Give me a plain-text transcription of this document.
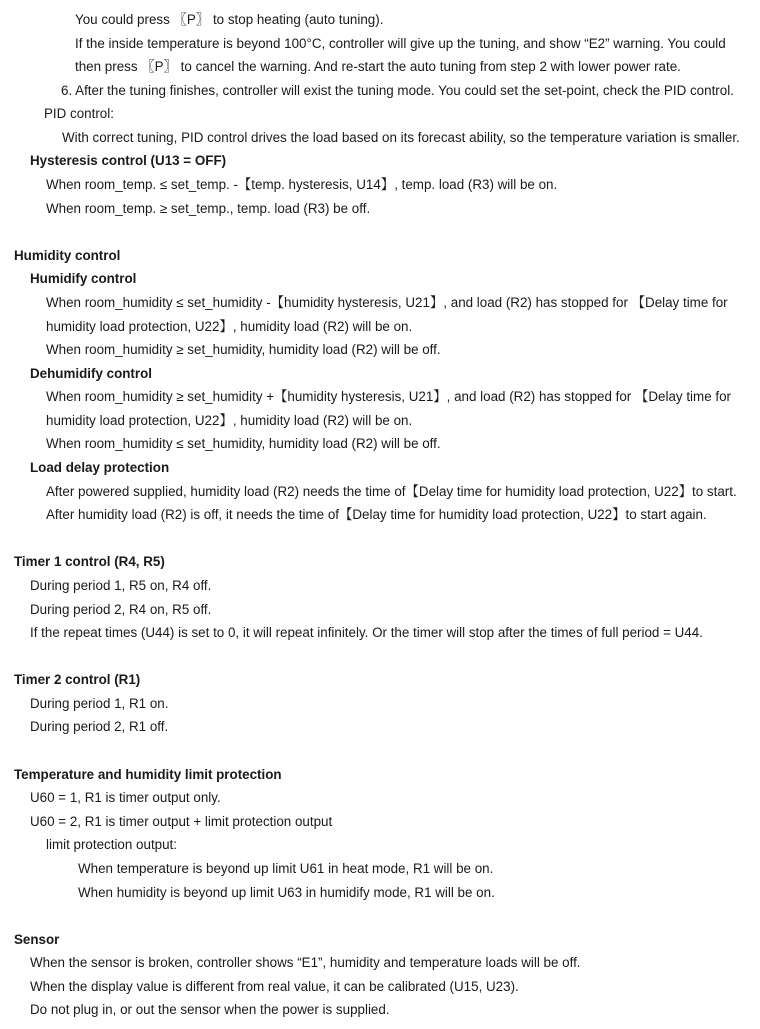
You could press 〖P〗 to stop heating (auto tuning).
If the inside temperature is beyond 100°C, controller will give up the tuning, and show “E2” warning. You could
then press 〖P〗 to cancel the warning. And re-start the auto tuning from step 2 with lower power rate.
6. After the tuning finishes, controller will exist the tuning mode. You could set the set-point, check the PID control.
PID control:
With correct tuning, PID control drives the load based on its forecast ability, so the temperature variation is smaller.
Hysteresis control (U13 = OFF)
When room_temp. ≤ set_temp. -【temp. hysteresis, U14】, temp. load (R3) will be on.
When room_temp. ≥ set_temp., temp. load (R3) be off.
Humidity control
Humidify control
When room_humidity ≤ set_humidity -【humidity hysteresis, U21】, and load (R2) has stopped for 【Delay time for
humidity load protection, U22】, humidity load (R2) will be on.
When room_humidity ≥ set_humidity, humidity load (R2) will be off.
Dehumidify control
When room_humidity ≥ set_humidity +【humidity hysteresis, U21】, and load (R2) has stopped for 【Delay time for
humidity load protection, U22】, humidity load (R2) will be on.
When room_humidity ≤ set_humidity, humidity load (R2) will be off.
Load delay protection
After powered supplied, humidity load (R2) needs the time of【Delay time for humidity load protection, U22】to start.
After humidity load (R2) is off, it needs the time of【Delay time for humidity load protection, U22】to start again.
Timer 1 control (R4, R5)
During period 1, R5 on, R4 off.
During period 2, R4 on, R5 off.
If the repeat times (U44) is set to 0, it will repeat infinitely. Or the timer will stop after the times of full period = U44.
Timer 2 control (R1)
During period 1, R1 on.
During period 2, R1 off.
Temperature and humidity limit protection
U60 = 1, R1 is timer output only.
U60 = 2, R1 is timer output + limit protection output
limit protection output:
When temperature is beyond up limit U61 in heat mode, R1 will be on.
When humidity is beyond up limit U63 in humidify mode, R1 will be on.
Sensor
When the sensor is broken, controller shows “E1”, humidity and temperature loads will be off.
When the display value is different from real value, it can be calibrated (U15, U23).
Do not plug in, or out the sensor when the power is supplied.
